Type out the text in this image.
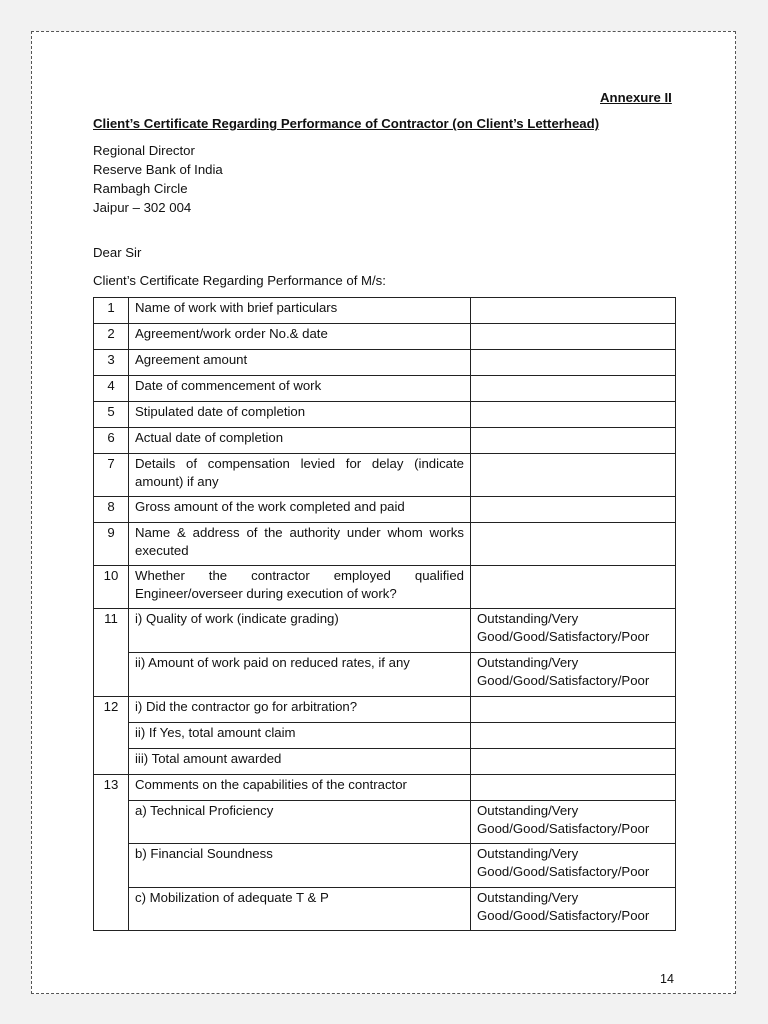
Annexure II
Client’s Certificate Regarding Performance of Contractor (on Client’s Letterhead)
Regional Director
Reserve Bank of India
Rambagh Circle
Jaipur – 302 004
Dear Sir
Client’s Certificate Regarding Performance of M/s:
1	Name of work with brief particulars	
2	Agreement/work order No.& date	
3	Agreement amount	
4	Date of commencement of work	
5	Stipulated date of completion	
6	Actual date of completion	
7	Details of compensation levied for delay (indicate amount) if any	
8	Gross amount of the work completed and paid	
9	Name & address of the authority under whom works executed	
10	Whether the contractor employed qualified Engineer/overseer during execution of work?	
11	i) Quality of work (indicate grading)	Outstanding/Very Good/Good/Satisfactory/Poor
	ii) Amount of work paid on reduced rates, if any	Outstanding/Very Good/Good/Satisfactory/Poor
12	i) Did the contractor go for arbitration?	
	ii) If Yes, total amount claim	
	iii) Total amount awarded	
13	Comments on the capabilities of the contractor	
	a) Technical Proficiency	Outstanding/Very Good/Good/Satisfactory/Poor
	b) Financial Soundness	Outstanding/Very Good/Good/Satisfactory/Poor
	c) Mobilization of adequate T & P	Outstanding/Very Good/Good/Satisfactory/Poor
14
